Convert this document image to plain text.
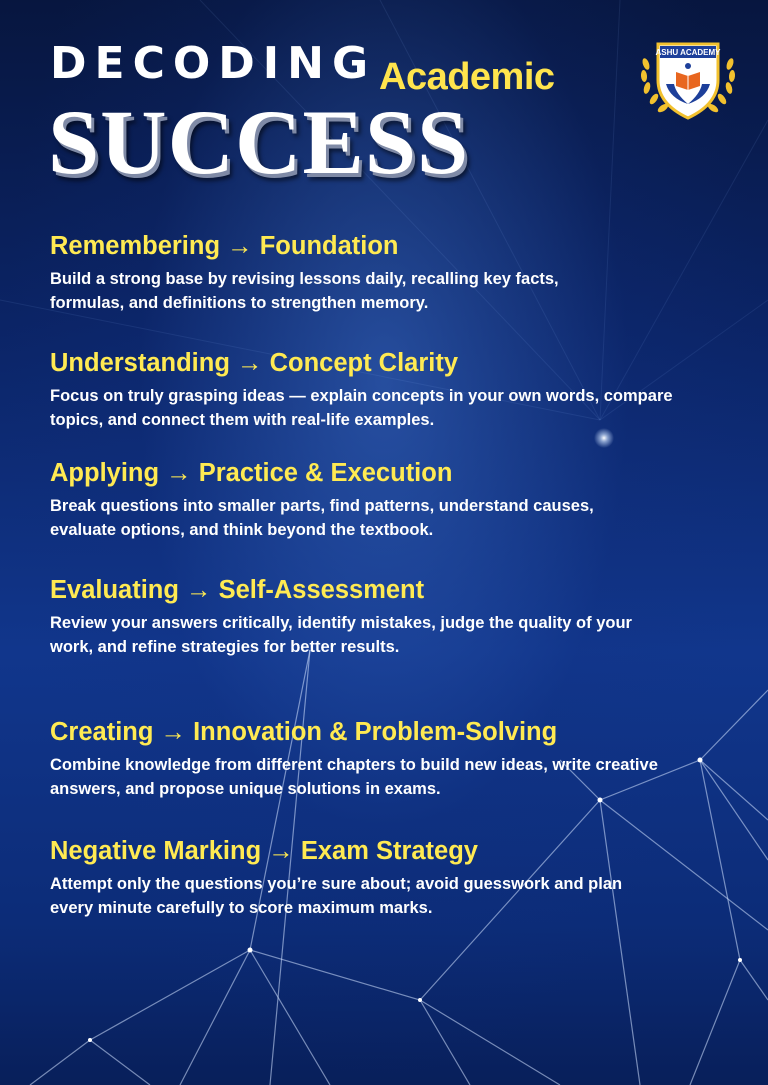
DECODING Academic
SUCCESS
ASHU ACADEMY
Remembering → Foundation

Build a strong base by revising lessons daily, recalling key facts,
formulas, and definitions to strengthen memory.

Understanding → Concept Clarity

Focus on truly grasping ideas — explain concepts in your own words, compare
topics, and connect them with real-life examples.

Applying → Practice & Execution

Break questions into smaller parts, find patterns, understand causes,
evaluate options, and think beyond the textbook.

Evaluating → Self-Assessment

Review your answers critically, identify mistakes, judge the quality of your
work, and refine strategies for better results.

Creating → Innovation & Problem-Solving

Combine knowledge from different chapters to build new ideas, write creative
answers, and propose unique solutions in exams.

Negative Marking → Exam Strategy

Attempt only the questions you’re sure about; avoid guesswork and plan
every minute carefully to score maximum marks.
